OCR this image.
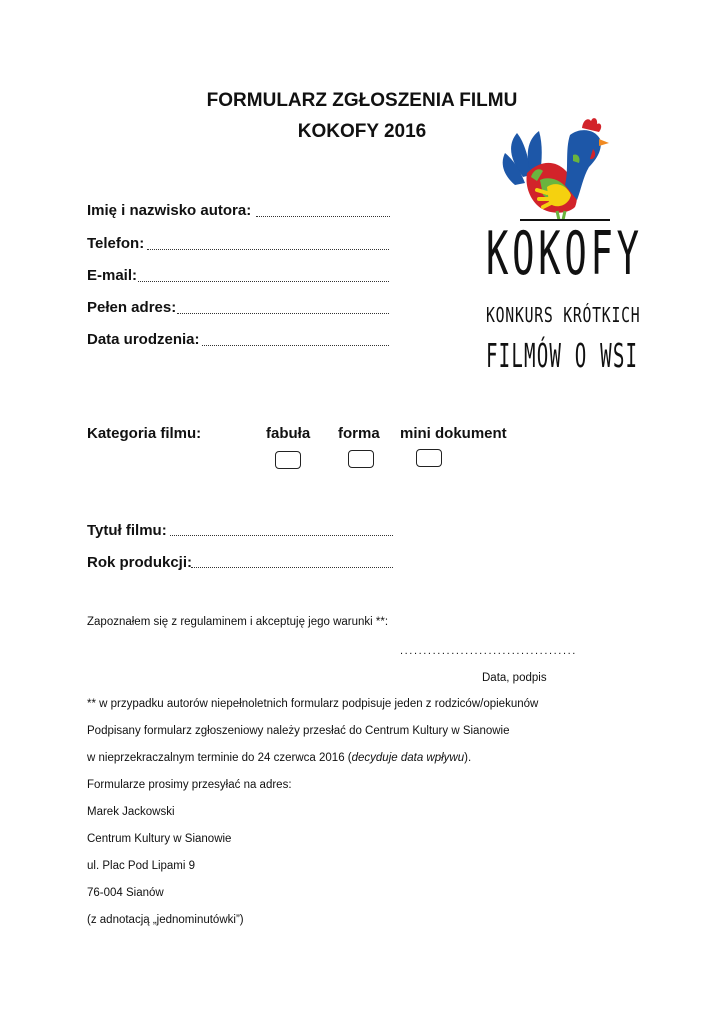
FORMULARZ ZGŁOSZENIA FILMU
KOKOFY 2016
Imię i nazwisko autora:
Telefon:
E-mail:
Pełen adres:
Data urodzenia:
KOKOFY
KONKURS KRÓTKICH
FILMÓW O WSI
Kategoria filmu:	fabuła forma mini dokument
Tytuł filmu:
Rok produkcji:
Zapoznałem się z regulaminem i akceptuję jego warunki **:
......................................
Data, podpis
** w przypadku autorów niepełnoletnich formularz podpisuje jeden z rodziców/opiekunów
Podpisany formularz zgłoszeniowy należy przesłać do Centrum Kultury w Sianowie
w nieprzekraczalnym terminie do 24 czerwca 2016 (decyduje data wpływu).
Formularze prosimy przesyłać na adres:
Marek Jackowski
Centrum Kultury w Sianowie
ul. Plac Pod Lipami 9
76-004 Sianów
(z adnotacją „jednominutówki”)
